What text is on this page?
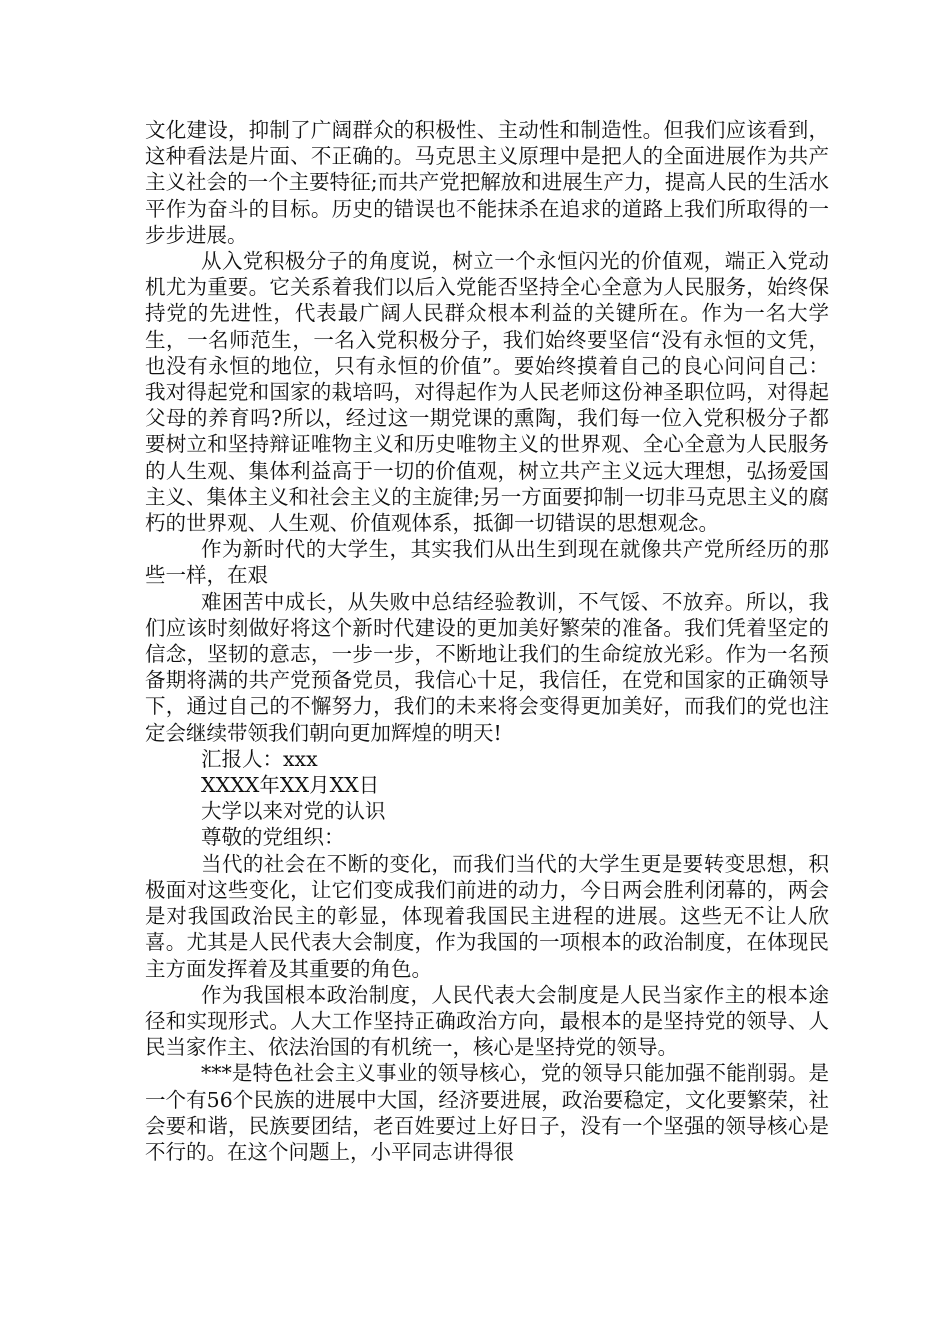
文化建设，抑制了广阔群众的积极性、主动性和制造性。但我们应该看到，这种看法是片面、不正确的。马克思主义原理中是把人的全面进展作为共产主义社会的一个主要特征;而共产党把解放和进展生产力，提高人民的生活水平作为奋斗的目标。历史的错误也不能抹杀在追求的道路上我们所取得的一步步进展。

从入党积极分子的角度说，树立一个永恒闪光的价值观，端正入党动机尤为重要。它关系着我们以后入党能否坚持全心全意为人民服务，始终保持党的先进性，代表最广阔人民群众根本利益的关键所在。作为一名大学生，一名师范生，一名入党积极分子，我们始终要坚信“没有永恒的文凭，也没有永恒的地位，只有永恒的价值”。要始终摸着自己的良心问问自己：我对得起党和国家的栽培吗，对得起作为人民老师这份神圣职位吗，对得起父母的养育吗?所以，经过这一期党课的熏陶，我们每一位入党积极分子都要树立和坚持辩证唯物主义和历史唯物主义的世界观、全心全意为人民服务的人生观、集体利益高于一切的价值观，树立共产主义远大理想，弘扬爱国主义、集体主义和社会主义的主旋律;另一方面要抑制一切非马克思主义的腐朽的世界观、人生观、价值观体系，抵御一切错误的思想观念。

作为新时代的大学生，其实我们从出生到现在就像共产党所经历的那些一样，在艰

难困苦中成长，从失败中总结经验教训，不气馁、不放弃。所以，我们应该时刻做好将这个新时代建设的更加美好繁荣的准备。我们凭着坚定的信念，坚韧的意志，一步一步，不断地让我们的生命绽放光彩。作为一名预备期将满的共产党预备党员，我信心十足，我信任，在党和国家的正确领导下，通过自己的不懈努力，我们的未来将会变得更加美好，而我们的党也注定会继续带领我们朝向更加辉煌的明天!

汇报人：xxx

XXXX年XX月XX日

大学以来对党的认识

尊敬的党组织：

当代的社会在不断的变化，而我们当代的大学生更是要转变思想，积极面对这些变化，让它们变成我们前进的动力，今日两会胜利闭幕的，两会是对我国政治民主的彰显，体现着我国民主进程的进展。这些无不让人欣喜。尤其是人民代表大会制度，作为我国的一项根本的政治制度，在体现民主方面发挥着及其重要的角色。

作为我国根本政治制度，人民代表大会制度是人民当家作主的根本途径和实现形式。人大工作坚持正确政治方向，最根本的是坚持党的领导、人民当家作主、依法治国的有机统一，核心是坚持党的领导。

***是特色社会主义事业的领导核心，党的领导只能加强不能削弱。是一个有56个民族的进展中大国，经济要进展，政治要稳定，文化要繁荣，社会要和谐，民族要团结，老百姓要过上好日子，没有一个坚强的领导核心是不行的。在这个问题上，小平同志讲得很
